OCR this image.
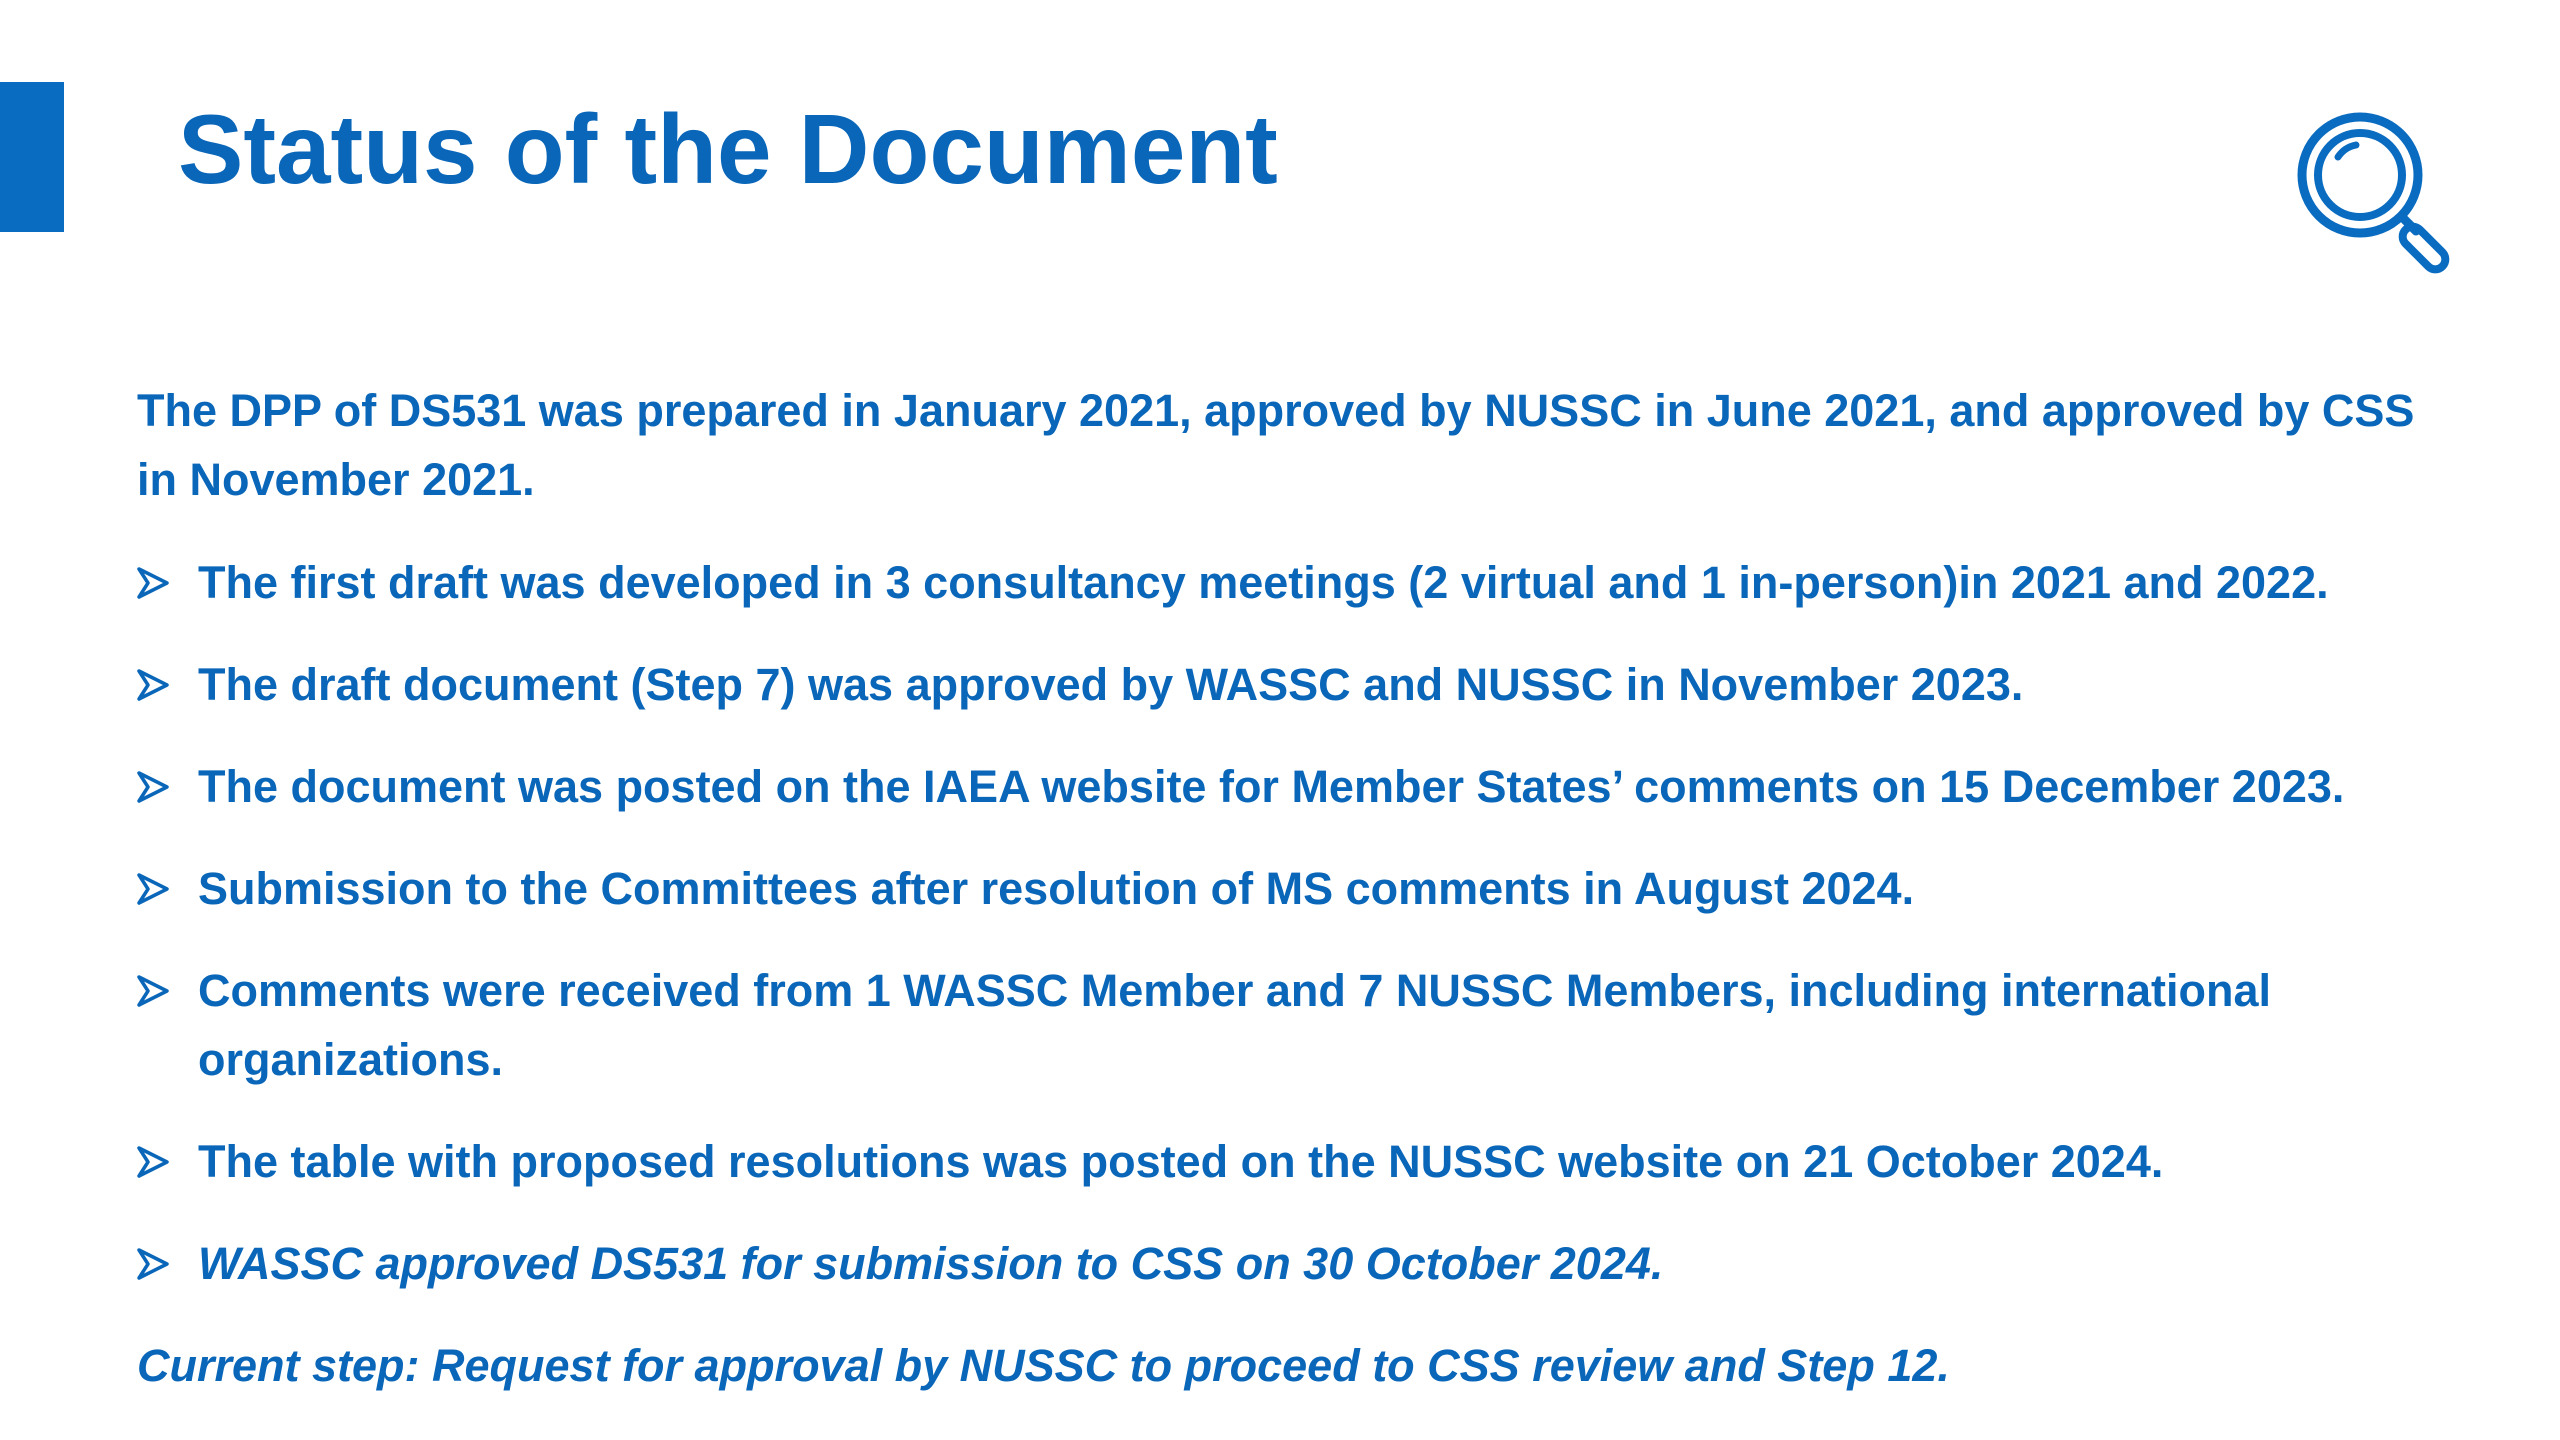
Status of the Document

The DPP of DS531 was prepared in January 2021, approved by NUSSC in June 2021, and approved by CSS in November 2021.

The first draft was developed in 3 consultancy meetings (2 virtual and 1 in-person)in 2021 and 2022.
The draft document (Step 7) was approved by WASSC and NUSSC in November 2023.
The document was posted on the IAEA website for Member States’ comments on 15 December 2023.
Submission to the Committees after resolution of MS comments in August 2024.
Comments were received from 1 WASSC Member and 7 NUSSC Members, including international organizations.
The table with proposed resolutions was posted on the NUSSC website on 21 October 2024.
WASSC approved DS531 for submission to CSS on 30 October 2024.

Current step: Request for approval by NUSSC to proceed to CSS review and Step 12.
